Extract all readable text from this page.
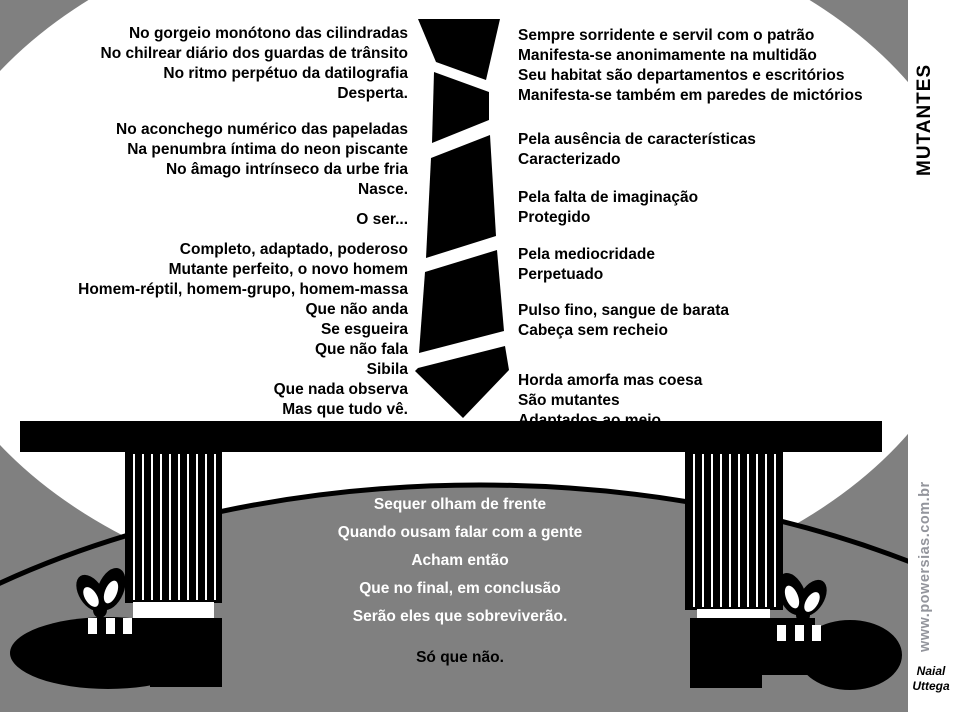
No gorgeio monótono das cilindradas
No chilrear diário dos guardas de trânsito
No ritmo perpétuo da datilografia
Desperta.
No aconchego numérico das papeladas
Na penumbra íntima do neon piscante
No âmago intrínseco da urbe fria
Nasce.
O ser...
Completo, adaptado, poderoso
Mutante perfeito, o novo homem
Homem-réptil, homem-grupo, homem-massa
Que não anda
Se esgueira
Que não fala
Sibila
Que nada observa
Mas que tudo vê.
Sempre sorridente e servil com o patrão
Manifesta-se anonimamente na multidão
Seu habitat são departamentos e escritórios
Manifesta-se também em paredes de mictórios
Pela ausência de características
Caracterizado
Pela falta de imaginação
Protegido
Pela mediocridade
Perpetuado
Pulso fino, sangue de barata
Cabeça sem recheio
Horda amorfa mas coesa
São mutantes
Adaptados ao meio.
Sequer olham de frente
Quando ousam falar com a gente
Acham então
Que no final, em conclusão
Serão eles que sobreviverão.
Só que não.
MUTANTES
www.powersias.com.br
Naial
Uttega
